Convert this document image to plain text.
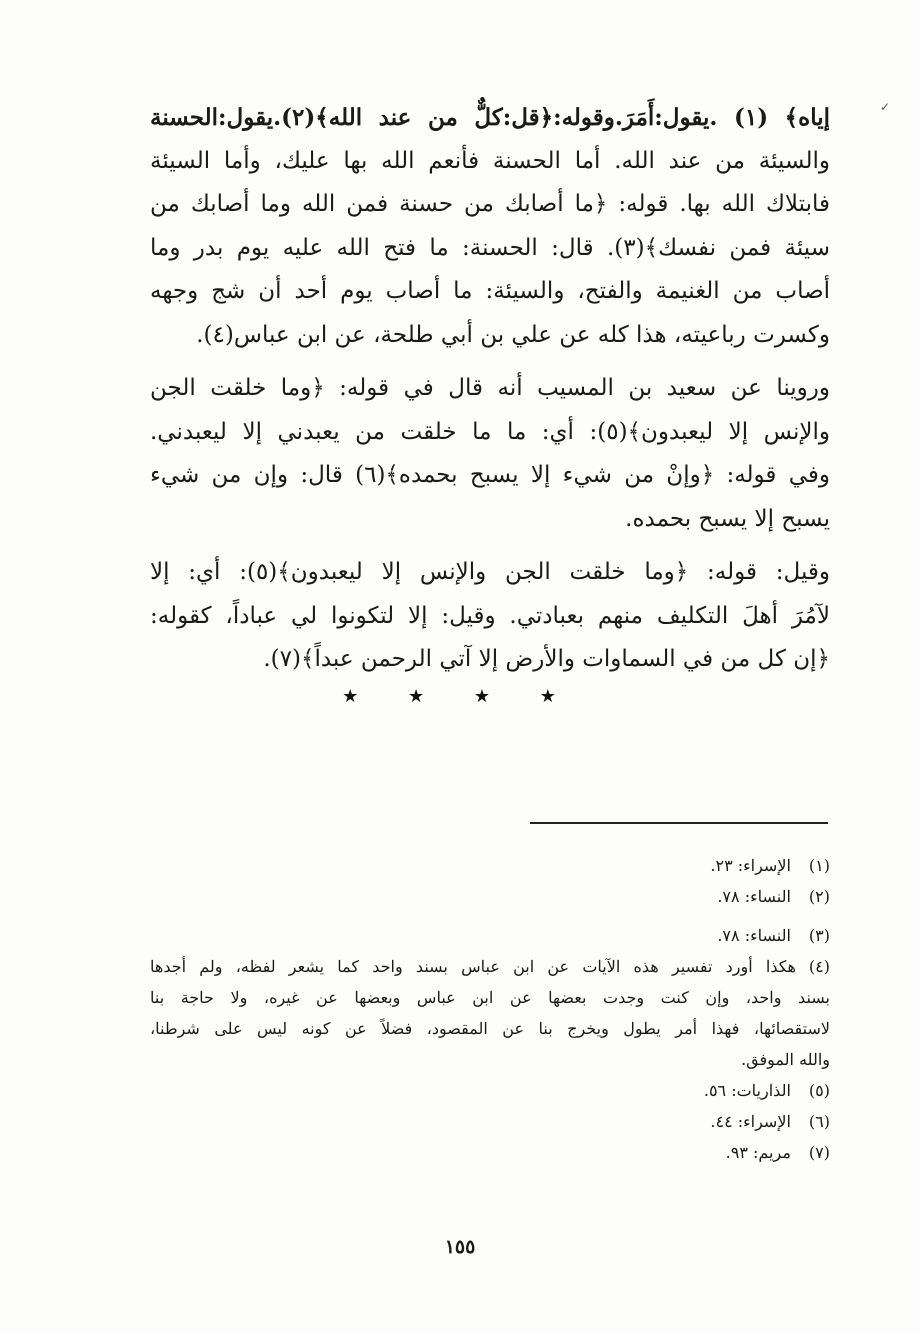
✓
إياه﴾ (١) .يقول:أَمَرَ.وقوله:﴿قل:كلٌّ من عند الله﴾(٢).يقول:الحسنة
والسيئة من عند الله. أما الحسنة فأنعم الله بها عليك، وأما السيئة
فابتلاك الله بها. قوله: ﴿ما أصابك من حسنة فمن الله وما أصابك من
سيئة فمن نفسك﴾(٣). قال: الحسنة: ما فتح الله عليه يوم بدر وما
أصاب من الغنيمة والفتح، والسيئة: ما أصاب يوم أحد أن شج وجهه
وكسرت رباعيته، هذا كله عن علي بن أبي طلحة، عن ابن عباس(٤).
وروينا عن سعيد بن المسيب أنه قال في قوله: ﴿وما خلقت الجن
والإنس إلا ليعبدون﴾(٥): أي: ما ما خلقت من يعبدني إلا ليعبدني.
وفي قوله: ﴿وإنْ من شيء إلا يسبح بحمده﴾(٦) قال: وإن من شيء
يسبح إلا يسبح بحمده.
وقيل: قوله: ﴿وما خلقت الجن والإنس إلا ليعبدون﴾(٥): أي: إلا
لآمُرَ أهلَ التكليف منهم بعبادتي. وقيل: إلا لتكونوا لي عباداً، كقوله:
﴿إن كل من في السماوات والأرض إلا آتي الرحمن عبداً﴾(٧).
★ ★ ★ ★
(١) الإسراء: ٢٣.
(٢) النساء: ٧٨.
(٣) النساء: ٧٨.
(٤)هكذا أورد تفسير هذه الآيات عن ابن عباس بسند واحد كما يشعر لفظه، ولم أجدها
بسند واحد، وإن كنت وجدت بعضها عن ابن عباس وبعضها عن غيره، ولا حاجة بنا
لاستقصائها، فهذا أمر يطول ويخرج بنا عن المقصود، فضلاً عن كونه ليس على شرطنا،
والله الموفق.
(٥) الذاريات: ٥٦.
(٦) الإسراء: ٤٤.
(٧) مريم: ٩٣.
١٥٥
